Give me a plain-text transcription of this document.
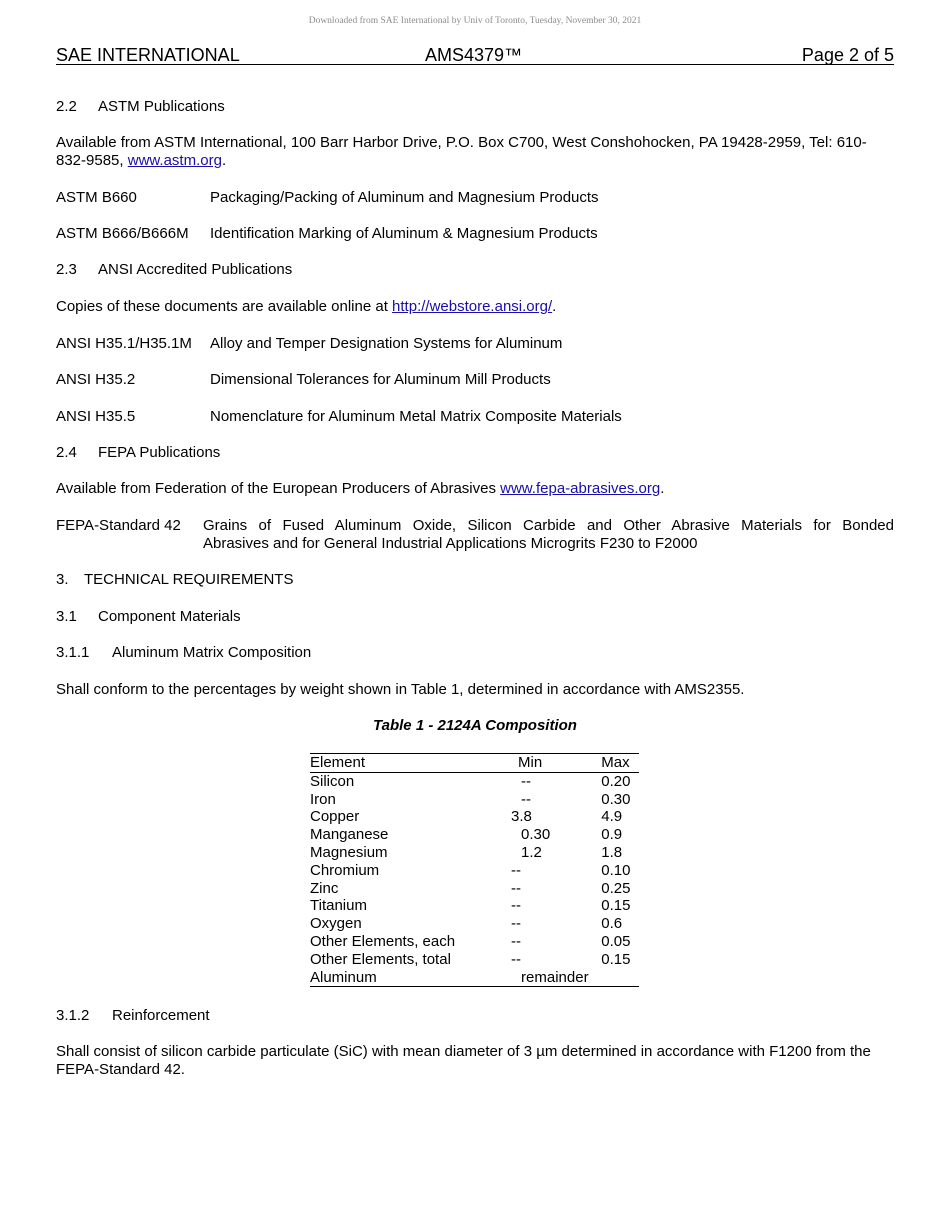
Downloaded from SAE International by Univ of Toronto, Tuesday, November 30, 2021
SAE INTERNATIONAL	AMS4379™	Page 2 of 5
2.2 ASTM Publications
Available from ASTM International, 100 Barr Harbor Drive, P.O. Box C700, West Conshohocken, PA 19428-2959, Tel: 610-832-9585, www.astm.org.
ASTM B660	Packaging/Packing of Aluminum and Magnesium Products
ASTM B666/B666M Identification Marking of Aluminum & Magnesium Products
2.3 ANSI Accredited Publications
Copies of these documents are available online at http://webstore.ansi.org/.
ANSI H35.1/H35.1M Alloy and Temper Designation Systems for Aluminum
ANSI H35.2	Dimensional Tolerances for Aluminum Mill Products
ANSI H35.5	Nomenclature for Aluminum Metal Matrix Composite Materials
2.4 FEPA Publications
Available from Federation of the European Producers of Abrasives www.fepa-abrasives.org.
FEPA-Standard 42 Grains of Fused Aluminum Oxide, Silicon Carbide and Other Abrasive Materials for Bonded
Abrasives and for General Industrial Applications Microgrits F230 to F2000
3. TECHNICAL REQUIREMENTS
3.1 Component Materials
3.1.1 Aluminum Matrix Composition
Shall conform to the percentages by weight shown in Table 1, determined in accordance with AMS2355.
Table 1 - 2124A Composition
Element	Min	Max
Silicon	--	0.20
Iron	--	0.30
Copper	3.8	4.9
Manganese	0.30	0.9
Magnesium	1.2	1.8
Chromium	--	0.10
Zinc	--	0.25
Titanium	--	0.15
Oxygen	--	0.6
Other Elements, each	--	0.05
Other Elements, total	--	0.15
Aluminum	remainder	
3.1.2 Reinforcement
Shall consist of silicon carbide particulate (SiC) with mean diameter of 3 µm determined in accordance with F1200 from the FEPA-Standard 42.
